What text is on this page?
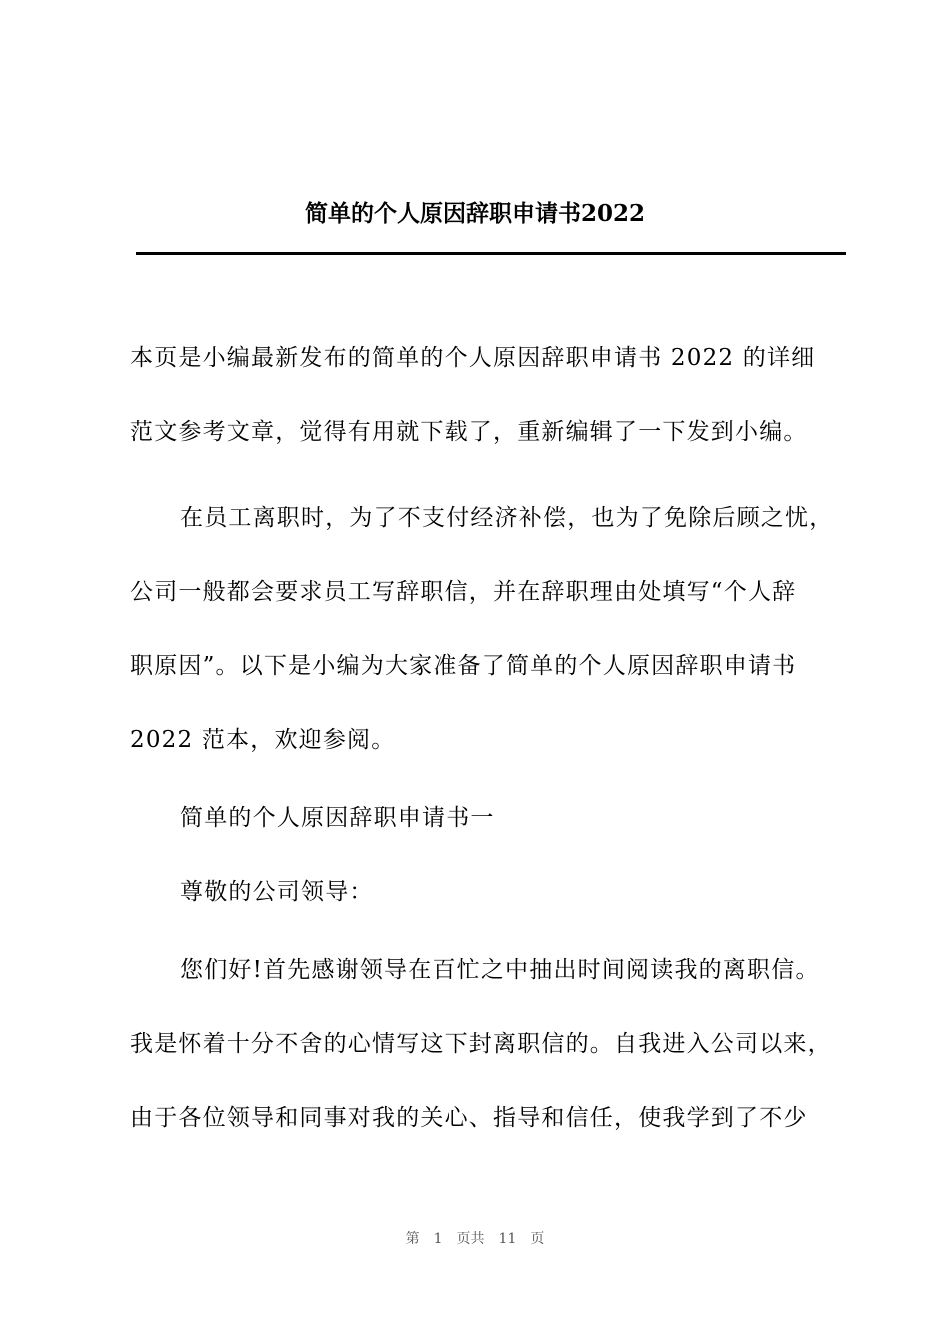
简单的个人原因辞职申请书2022
本页是小编最新发布的简单的个人原因辞职申请书 2022 的详细
范文参考文章，觉得有用就下载了，重新编辑了一下发到小编。
在员工离职时，为了不支付经济补偿，也为了免除后顾之忧，
公司一般都会要求员工写辞职信，并在辞职理由处填写“个人辞
职原因”。以下是小编为大家准备了简单的个人原因辞职申请书
2022 范本，欢迎参阅。
简单的个人原因辞职申请书一
尊敬的公司领导：
您们好!首先感谢领导在百忙之中抽出时间阅读我的离职信。
我是怀着十分不舍的心情写这下封离职信的。自我进入公司以来，
由于各位领导和同事对我的关心、指导和信任，使我学到了不少
第 1 页共 11 页
